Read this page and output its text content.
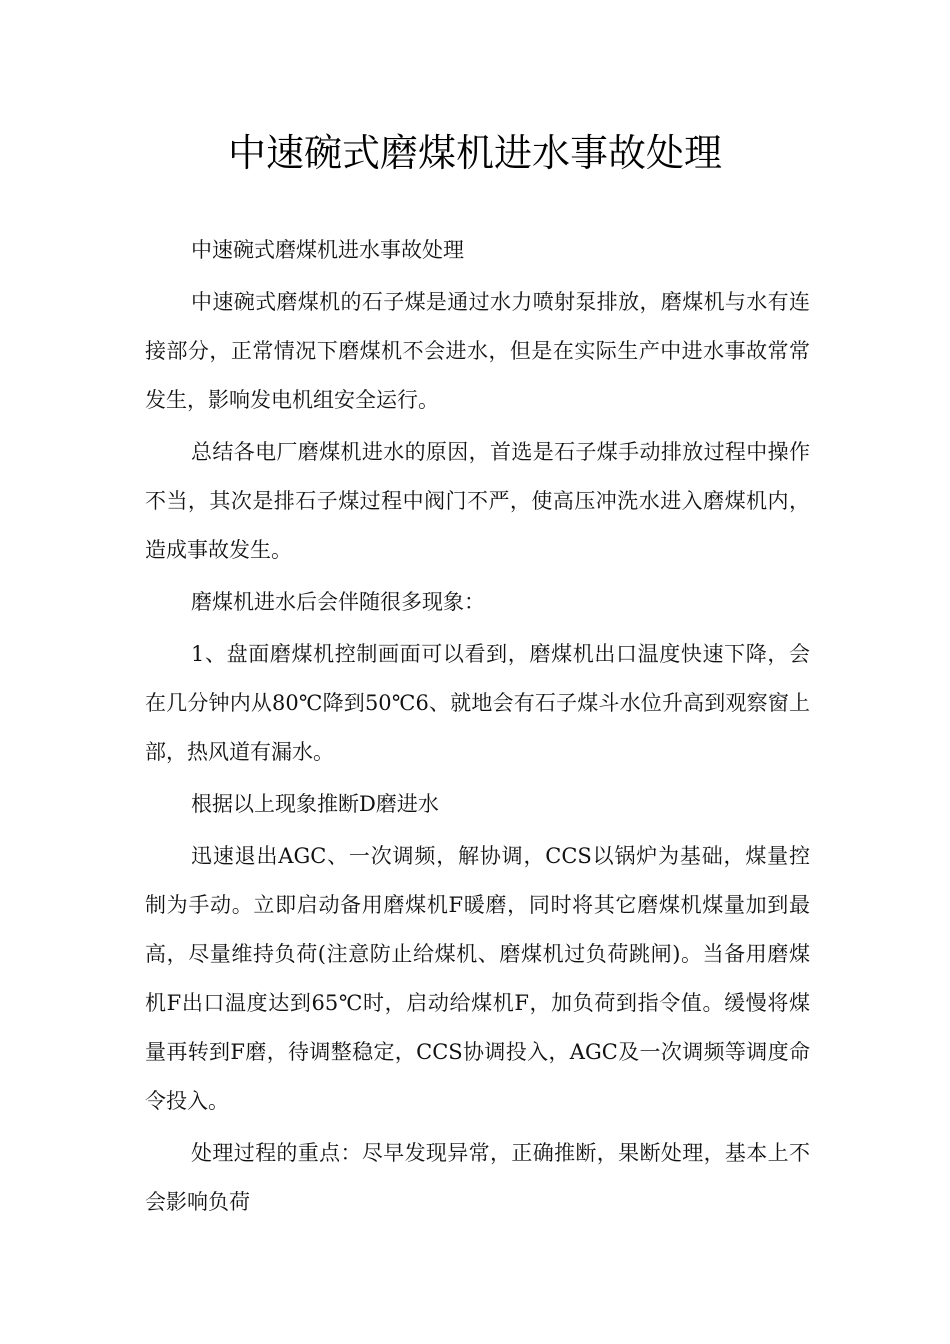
中速碗式磨煤机进水事故处理

中速碗式磨煤机进水事故处理

中速碗式磨煤机的石子煤是通过水力喷射泵排放，磨煤机与水有连接部分，正常情况下磨煤机不会进水，但是在实际生产中进水事故常常发生，影响发电机组安全运行。

总结各电厂磨煤机进水的原因，首选是石子煤手动排放过程中操作不当，其次是排石子煤过程中阀门不严，使高压冲洗水进入磨煤机内，造成事故发生。

磨煤机进水后会伴随很多现象：

1、盘面磨煤机控制画面可以看到，磨煤机出口温度快速下降，会在几分钟内从80℃降到50℃6、就地会有石子煤斗水位升高到观察窗上部，热风道有漏水。

根据以上现象推断D磨进水

迅速退出AGC、一次调频，解协调，CCS以锅炉为基础，煤量控制为手动。立即启动备用磨煤机F暖磨，同时将其它磨煤机煤量加到最高，尽量维持负荷(注意防止给煤机、磨煤机过负荷跳闸)。当备用磨煤机F出口温度达到65℃时，启动给煤机F，加负荷到指令值。缓慢将煤量再转到F磨，待调整稳定，CCS协调投入，AGC及一次调频等调度命令投入。

处理过程的重点：尽早发现异常，正确推断，果断处理，基本上不会影响负荷
